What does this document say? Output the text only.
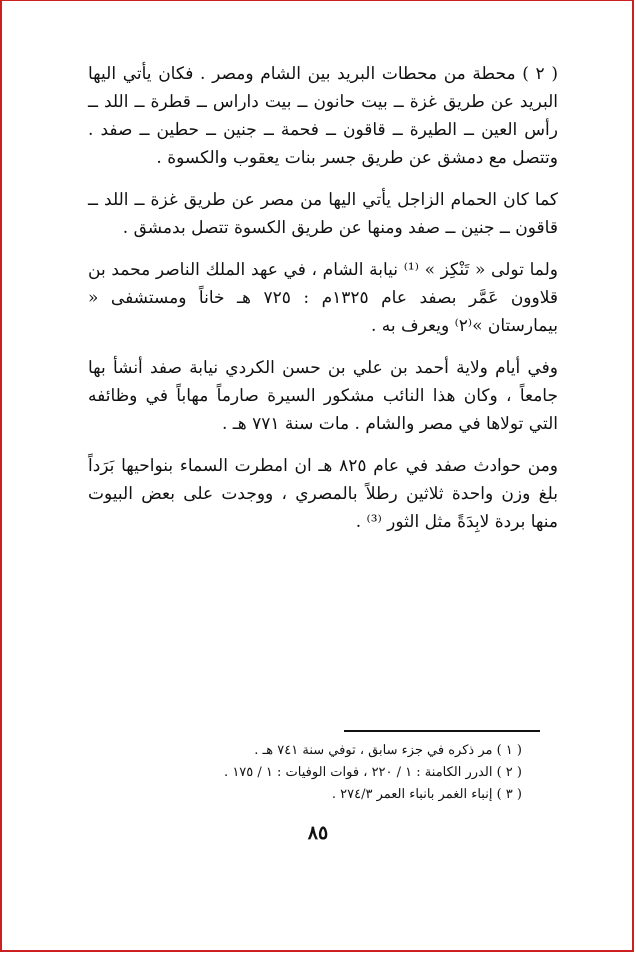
( ٢ ) محطة من محطات البريد بين الشام ومصر . فكان يأتي اليها البريد عن طريق غزة ــ بيت حانون ــ بيت داراس ــ قطرة ــ اللد ــ رأس العين ــ الطيرة ــ قاقون ــ فحمة ــ جنين ــ حطين ــ صفد . وتتصل مع دمشق عن طريق جسر بنات يعقوب والكسوة .

كما كان الحمام الزاجل يأتي اليها من مصر عن طريق غزة ــ اللد ــ قاقون ــ جنين ــ صفد ومنها عن طريق الكسوة تتصل بدمشق .

ولما تولى « تَنْكِز » ⁽¹⁾ نيابة الشام ، في عهد الملك الناصر محمد بن قلاوون عَمَّر بصفد عام ١٣٢٥م : ٧٢٥ هـ خاناً ومستشفى « بيمارستان »⁽٢⁾ ويعرف به .

وفي أيام ولاية أحمد بن علي بن حسن الكردي نيابة صفد أنشأ بها جامعاً ، وكان هذا النائب مشكور السيرة صارماً مهاباً في وظائفه التي تولاها في مصر والشام . مات سنة ٧٧١ هـ .

ومن حوادث صفد في عام ٨٢٥ هـ ان امطرت السماء بنواحيها بَرَداً بلغ وزن واحدة ثلاثين رطلاً بالمصري ، ووجدت على بعض البيوت منها بردة لابِدَةً مثل الثور ⁽³⁾ .

( ١ ) مر ذكره في جزء سابق ، توفي سنة ٧٤١ هـ .

( ٢ ) الدرر الكامنة : ١ / ٢٢٠ ، فوات الوفيات : ١ / ١٧٥ .

( ٣ ) إنباء الغمر بانباء العمر ٢٧٤/٣ .

٨٥
